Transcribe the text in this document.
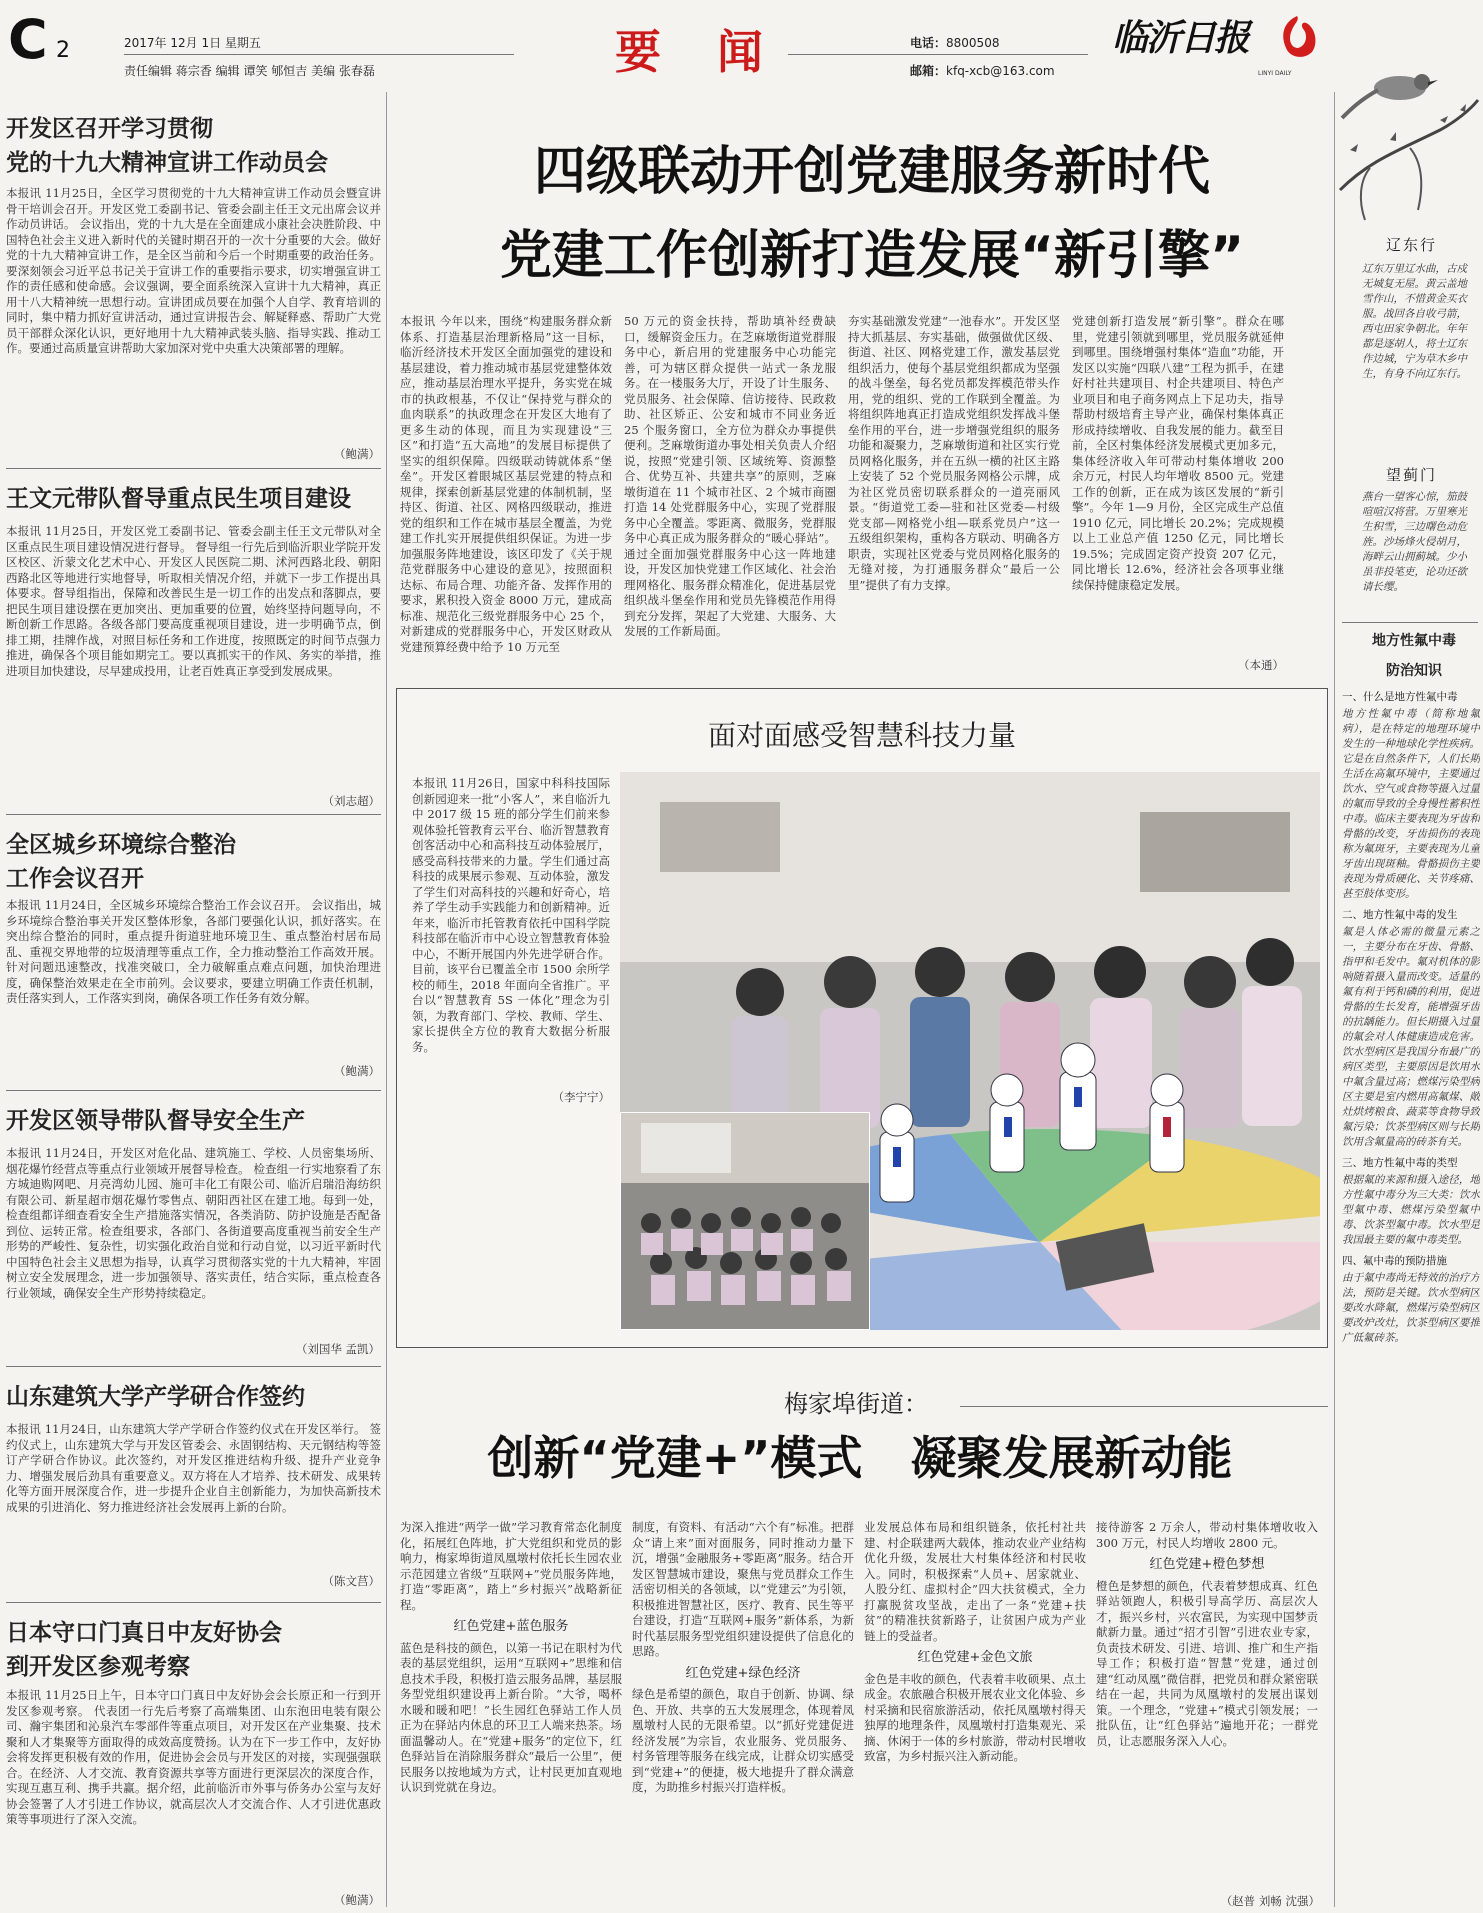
C 2	2017年 12月 1日 星期五
责任编辑 蒋宗香 编辑 谭笑 郇恒吉 美编 张春磊	要  闻	电话：8800508
邮箱：kfq-xcb@163.com
临沂日报
LINYI DAILY
开发区召开学习贯彻
党的十九大精神宣讲工作动员会
本报讯 11月25日，全区学习贯彻党的十九大精神宣讲工作动员会暨宣讲骨干培训会召开。开发区党工委副书记、管委会副主任王文元出席会议并作动员讲话。 会议指出，党的十九大是在全面建成小康社会决胜阶段、中国特色社会主义进入新时代的关键时期召开的一次十分重要的大会。做好党的十九大精神宣讲工作，是全区当前和今后一个时期重要的政治任务。要深刻领会习近平总书记关于宣讲工作的重要指示要求，切实增强宣讲工作的责任感和使命感。会议强调，要全面系统深入宣讲十九大精神，真正用十八大精神统一思想行动。宣讲团成员要在加强个人自学、教育培训的同时，集中精力抓好宣讲活动，通过宣讲报告会、解疑释惑、帮助广大党员干部群众深化认识，更好地用十九大精神武装头脑、指导实践、推动工作。要通过高质量宣讲帮助大家加深对党中央重大决策部署的理解。
（鲍满）
王文元带队督导重点民生项目建设
本报讯 11月25日，开发区党工委副书记、管委会副主任王文元带队对全区重点民生项目建设情况进行督导。 督导组一行先后到临沂职业学院开发区校区、沂蒙文化艺术中心、开发区人民医院二期、沭河西路北段、朝阳西路北区等地进行实地督导，听取相关情况介绍，并就下一步工作提出具体要求。督导组指出，保障和改善民生是一切工作的出发点和落脚点，要把民生项目建设摆在更加突出、更加重要的位置，始终坚持问题导向，不断创新工作思路。各级各部门要高度重视项目建设，进一步明确节点，倒排工期，挂牌作战，对照目标任务和工作进度，按照既定的时间节点强力推进，确保各个项目能如期完工。要以真抓实干的作风、务实的举措，推进项目加快建设，尽早建成投用，让老百姓真正享受到发展成果。
（刘志超）
全区城乡环境综合整治
工作会议召开
本报讯 11月24日，全区城乡环境综合整治工作会议召开。 会议指出，城乡环境综合整治事关开发区整体形象，各部门要强化认识，抓好落实。在突出综合整治的同时，重点提升街道驻地环境卫生、重点整治村居布局乱、重视交界地带的垃圾清理等重点工作，全力推动整治工作高效开展。针对问题迅速整改，找准突破口，全力破解重点难点问题，加快治理进度，确保整治效果走在全市前列。会议要求，要建立明确工作责任机制，责任落实到人，工作落实到岗，确保各项工作任务有效分解。
（鲍满）
开发区领导带队督导安全生产
本报讯 11月24日，开发区对危化品、建筑施工、学校、人员密集场所、烟花爆竹经营点等重点行业领域开展督导检查。 检查组一行实地察看了东方城迪购网吧、月亮湾幼儿园、施可丰化工有限公司、临沂启瑞沿海纺织有限公司、新星超市烟花爆竹零售点、朝阳西社区在建工地。每到一处，检查组都详细查看安全生产措施落实情况，各类消防、防护设施是否配备到位、运转正常。检查组要求，各部门、各街道要高度重视当前安全生产形势的严峻性、复杂性，切实强化政治自觉和行动自觉，以习近平新时代中国特色社会主义思想为指导，认真学习贯彻落实党的十九大精神，牢固树立安全发展理念，进一步加强领导、落实责任，结合实际，重点检查各行业领域，确保安全生产形势持续稳定。
（刘国华 孟凯）
山东建筑大学产学研合作签约
本报讯 11月24日，山东建筑大学产学研合作签约仪式在开发区举行。 签约仪式上，山东建筑大学与开发区管委会、永固钢结构、天元钢结构等签订产学研合作协议。此次签约，对开发区推进结构升级、提升产业竞争力、增强发展后劲具有重要意义。双方将在人才培养、技术研发、成果转化等方面开展深度合作，进一步提升企业自主创新能力，为加快高新技术成果的引进消化、努力推进经济社会发展再上新的台阶。
（陈文莒）
日本守口门真日中友好协会
到开发区参观考察
本报讯 11月25日上午，日本守口门真日中友好协会会长原正和一行到开发区参观考察。 代表团一行先后考察了高端集团、山东泡田电装有限公司、瀚宇集团和沁泉汽车零部件等重点项目，对开发区在产业集聚、技术聚和人才集聚等方面取得的成效高度赞扬。认为在下一步工作中，友好协会将发挥更积极有效的作用，促进协会会员与开发区的对接，实现强强联合。在经济、人才交流、教育资源共享等方面进行更深层次的深度合作，实现互惠互利、携手共赢。据介绍，此前临沂市外事与侨务办公室与友好协会签署了人才引进工作协议，就高层次人才交流合作、人才引进优惠政策等事项进行了深入交流。
（鲍满）
四级联动开创党建服务新时代
党建工作创新打造发展“新引擎”
本报讯 今年以来，围绕“构建服务群众新体系、打造基层治理新格局”这一目标，临沂经济技术开发区全面加强党的建设和基层建设，着力推动城市基层党建整体效应，推动基层治理水平提升，务实党在城市的执政根基，不仅让“保持党与群众的血肉联系”的执政理念在开发区大地有了更多生动的体现，而且为实现建设“三区”和打造“五大高地”的发展目标提供了坚实的组织保障。四级联动铸就体系“堡垒”。开发区着眼城区基层党建的特点和规律，探索创新基层党建的体制机制，坚持区、街道、社区、网格四级联动，推进党的组织和工作在城市基层全覆盖，为党建工作扎实开展提供组织保证。为进一步加强服务阵地建设，该区印发了《关于规范党群服务中心建设的意见》，按照面积达标、布局合理、功能齐备、发挥作用的要求，累积投入资金 8000 万元，建成高标准、规范化三级党群服务中心 25 个，对新建成的党群服务中心，开发区财政从党建预算经费中给予 10 万元至
50 万元的资金扶持，帮助填补经费缺口，缓解资金压力。在芝麻墩街道党群服务中心，新启用的党建服务中心功能完善，可为辖区群众提供一站式一条龙服务。在一楼服务大厅，开设了计生服务、党员服务、社会保障、信访接待、民政救助、社区矫正、公安和城市不同业务近 25 个服务窗口，全方位为群众办事提供便利。芝麻墩街道办事处相关负责人介绍说，按照“党建引领、区域统筹、资源整合、优势互补、共建共享”的原则，芝麻墩街道在 11 个城市社区、2 个城市商圈打造 14 处党群服务中心，实现了党群服务中心全覆盖。零距离、微服务，党群服务中心真正成为服务群众的“暖心驿站”。通过全面加强党群服务中心这一阵地建设，开发区加快党建工作区域化、社会治理网格化、服务群众精准化，促进基层党组织战斗堡垒作用和党员先锋模范作用得到充分发挥，架起了大党建、大服务、大发展的工作新局面。
夯实基础激发党建“一池春水”。开发区坚持大抓基层、夯实基础，做强做优区级、街道、社区、网格党建工作，激发基层党组织活力，使每个基层党组织都成为坚强的战斗堡垒，每名党员都发挥模范带头作用，党的组织、党的工作联到全覆盖。为将组织阵地真正打造成党组织发挥战斗堡垒作用的平台，进一步增强党组织的服务功能和凝聚力，芝麻墩街道和社区实行党员网格化服务，并在五纵一横的社区主路上安装了 52 个党员服务网格公示牌，成为社区党员密切联系群众的一道亮丽风景。“街道党工委—驻和社区党委—村级党支部—网格党小组—联系党员户”这一五级组织架构，重构各方联动、明确各方职责，实现社区党委与党员网格化服务的无缝对接，为打通服务群众“最后一公里”提供了有力支撑。
党建创新打造发展“新引擎”。群众在哪里，党建引领就到哪里，党员服务就延伸到哪里。围绕增强村集体“造血”功能，开发区以实施“四联八建”工程为抓手，在建好村社共建项目、村企共建项目、特色产业项目和电子商务网点上下足功夫，指导帮助村级培育主导产业，确保村集体真正形成持续增收、自我发展的能力。截至目前，全区村集体经济发展模式更加多元，集体经济收入年可带动村集体增收 200 余万元，村民人均年增收 8500 元。党建工作的创新，正在成为该区发展的“新引擎”。今年 1—9 月份，全区完成生产总值 1910 亿元，同比增长 20.2%；完成规模以上工业总产值 1250 亿元，同比增长 19.5%；完成固定资产投资 207 亿元，同比增长 12.6%，经济社会各项事业继续保持健康稳定发展。
（本通）
面对面感受智慧科技力量
本报讯 11月26日，国家中科科技国际创新园迎来一批“小客人”，来自临沂九中 2017 级 15 班的部分学生们前来参观体验托管教育云平台、临沂智慧教育创客活动中心和高科技互动体验展厅，感受高科技带来的力量。学生们通过高科技的成果展示参观、互动体验，激发了学生们对高科技的兴趣和好奇心，培养了学生动手实践能力和创新精神。近年来，临沂市托管教育依托中国科学院科技部在临沂市中心设立智慧教育体验中心，不断开展国内外先进学研合作。目前，该平台已覆盖全市 1500 余所学校的师生，2018 年面向全省推广。平台以“智慧教育 5S 一体化”理念为引领，为教育部门、学校、教师、学生、家长提供全方位的教育大数据分析服务。
（李宁宁）
梅家埠街道：
创新“党建+”模式   凝聚发展新动能
为深入推进“两学一做”学习教育常态化制度化，拓展红色阵地，扩大党组织和党员的影响力，梅家埠街道凤凰墩村依托长生园农业示范园建立省级“互联网+”党员服务阵地，打造“零距离”，踏上“乡村振兴”战略新征程。
红色党建+蓝色服务
蓝色是科技的颜色，以第一书记在职村为代表的基层党组织，运用“互联网+”思维和信息技术手段，积极打造云服务品牌，基层服务型党组织建设再上新台阶。“大爷，喝杯水暖和暖和吧！”长生园红色驿站工作人员正为在驿站内休息的环卫工人端来热茶。场面温馨动人。在“党建+服务”的定位下，红色驿站旨在消除服务群众“最后一公里”，便民服务以按地域为方式，让村民更加直观地认识到党就在身边。
制度，有资料、有活动“六个有”标准。把群众“请上来”面对面服务，同时推动力量下沉，增强“金融服务+零距离”服务。结合开发区智慧城市建设，聚焦与党员群众工作生活密切相关的各领域，以“党建云”为引领，积极推进智慧社区，医疗、教育、民生等平台建设，打造“互联网+服务”新体系，为新时代基层服务型党组织建设提供了信息化的思路。
红色党建+绿色经济
绿色是希望的颜色，取自于创新、协调、绿色、开放、共享的五大发展理念，体现着凤凰墩村人民的无限希望。以“抓好党建促进经济发展”为宗旨，农业服务、党员服务、村务管理等服务在线完成，让群众切实感受到“党建+”的便捷，极大地提升了群众满意度，为助推乡村振兴打造样板。
业发展总体布局和组织链条，依托村社共建、村企联建两大载体，推动农业产业结构优化升级，发展壮大村集体经济和村民收入。同时，积极探索“人员+、居家就业、人股分红、虚拟村企”四大扶贫模式，全力打赢脱贫攻坚战，走出了一条“党建+扶贫”的精准扶贫新路子，让贫困户成为产业链上的受益者。
红色党建+金色文旅
金色是丰收的颜色，代表着丰收硕果、点土成金。农旅融合积极开展农业文化体验、乡村采摘和民宿旅游活动，依托凤凰墩村得天独厚的地理条件，凤凰墩村打造集观光、采摘、休闲于一体的乡村旅游，带动村民增收致富，为乡村振兴注入新动能。
接待游客 2 万余人，带动村集体增收收入 300 万元，村民人均增收 2800 元。
红色党建+橙色梦想
橙色是梦想的颜色，代表着梦想成真、红色驿站领跑人，积极引导高学历、高层次人才，振兴乡村，兴农富民，为实现中国梦贡献新力量。通过“招才引智”引进农业专家，负责技术研发、引进、培训、推广和生产指导工作；积极打造“智慧”党建，通过创建“红动凤凰”微信群，把党员和群众紧密联结在一起，共同为凤凰墩村的发展出谋划策。一个理念，“党建+”模式引领发展；一批队伍，让“红色驿站”遍地开花；一群党员，让志愿服务深入人心。
（赵普 刘畅 沈强）
辽东行
辽东万里辽水曲，古戍无城复无屋。黄云盖地雪作山，不惜黄金买衣服。战回各自收弓箭，西屯田家争朝北。年年都是逐胡人，将士辽东作边城，宁为草木乡中生，有身不向辽东行。
望蓟门
燕台一望客心惊，笳鼓喧喧汉将营。万里寒光生积雪，三边曙色动危旌。沙场烽火侵胡月，海畔云山拥蓟城。少小虽非投笔吏，论功还欲请长缨。
地方性氟中毒
防治知识
一、什么是地方性氟中毒
地方性氟中毒（简称地氟病），是在特定的地理环境中发生的一种地球化学性疾病。它是在自然条件下，人们长期生活在高氟环境中，主要通过饮水、空气或食物等摄入过量的氟而导致的全身慢性蓄积性中毒。临床主要表现为牙齿和骨骼的改变，牙齿损伤的表现称为氟斑牙，主要表现为儿童牙齿出现斑釉。骨骼损伤主要表现为骨质硬化、关节疼痛、甚至肢体变形。
二、地方性氟中毒的发生
氟是人体必需的微量元素之一，主要分布在牙齿、骨骼、指甲和毛发中。氟对机体的影响随着摄入量而改变。适量的氟有利于钙和磷的利用，促进骨骼的生长发育，能增强牙齿的抗龋能力。但长期摄入过量的氟会对人体健康造成危害。饮水型病区是我国分布最广的病区类型，主要原因是饮用水中氟含量过高；燃煤污染型病区主要是室内燃用高氟煤、敞灶烘烤粮食、蔬菜等食物导致氟污染；饮茶型病区则与长期饮用含氟量高的砖茶有关。
三、地方性氟中毒的类型
根据氟的来源和摄入途径，地方性氟中毒分为三大类：饮水型氟中毒、燃煤污染型氟中毒、饮茶型氟中毒。饮水型是我国最主要的氟中毒类型。
四、氟中毒的预防措施
由于氟中毒尚无特效的治疗方法，预防是关键。饮水型病区要改水降氟，燃煤污染型病区要改炉改灶，饮茶型病区要推广低氟砖茶。
